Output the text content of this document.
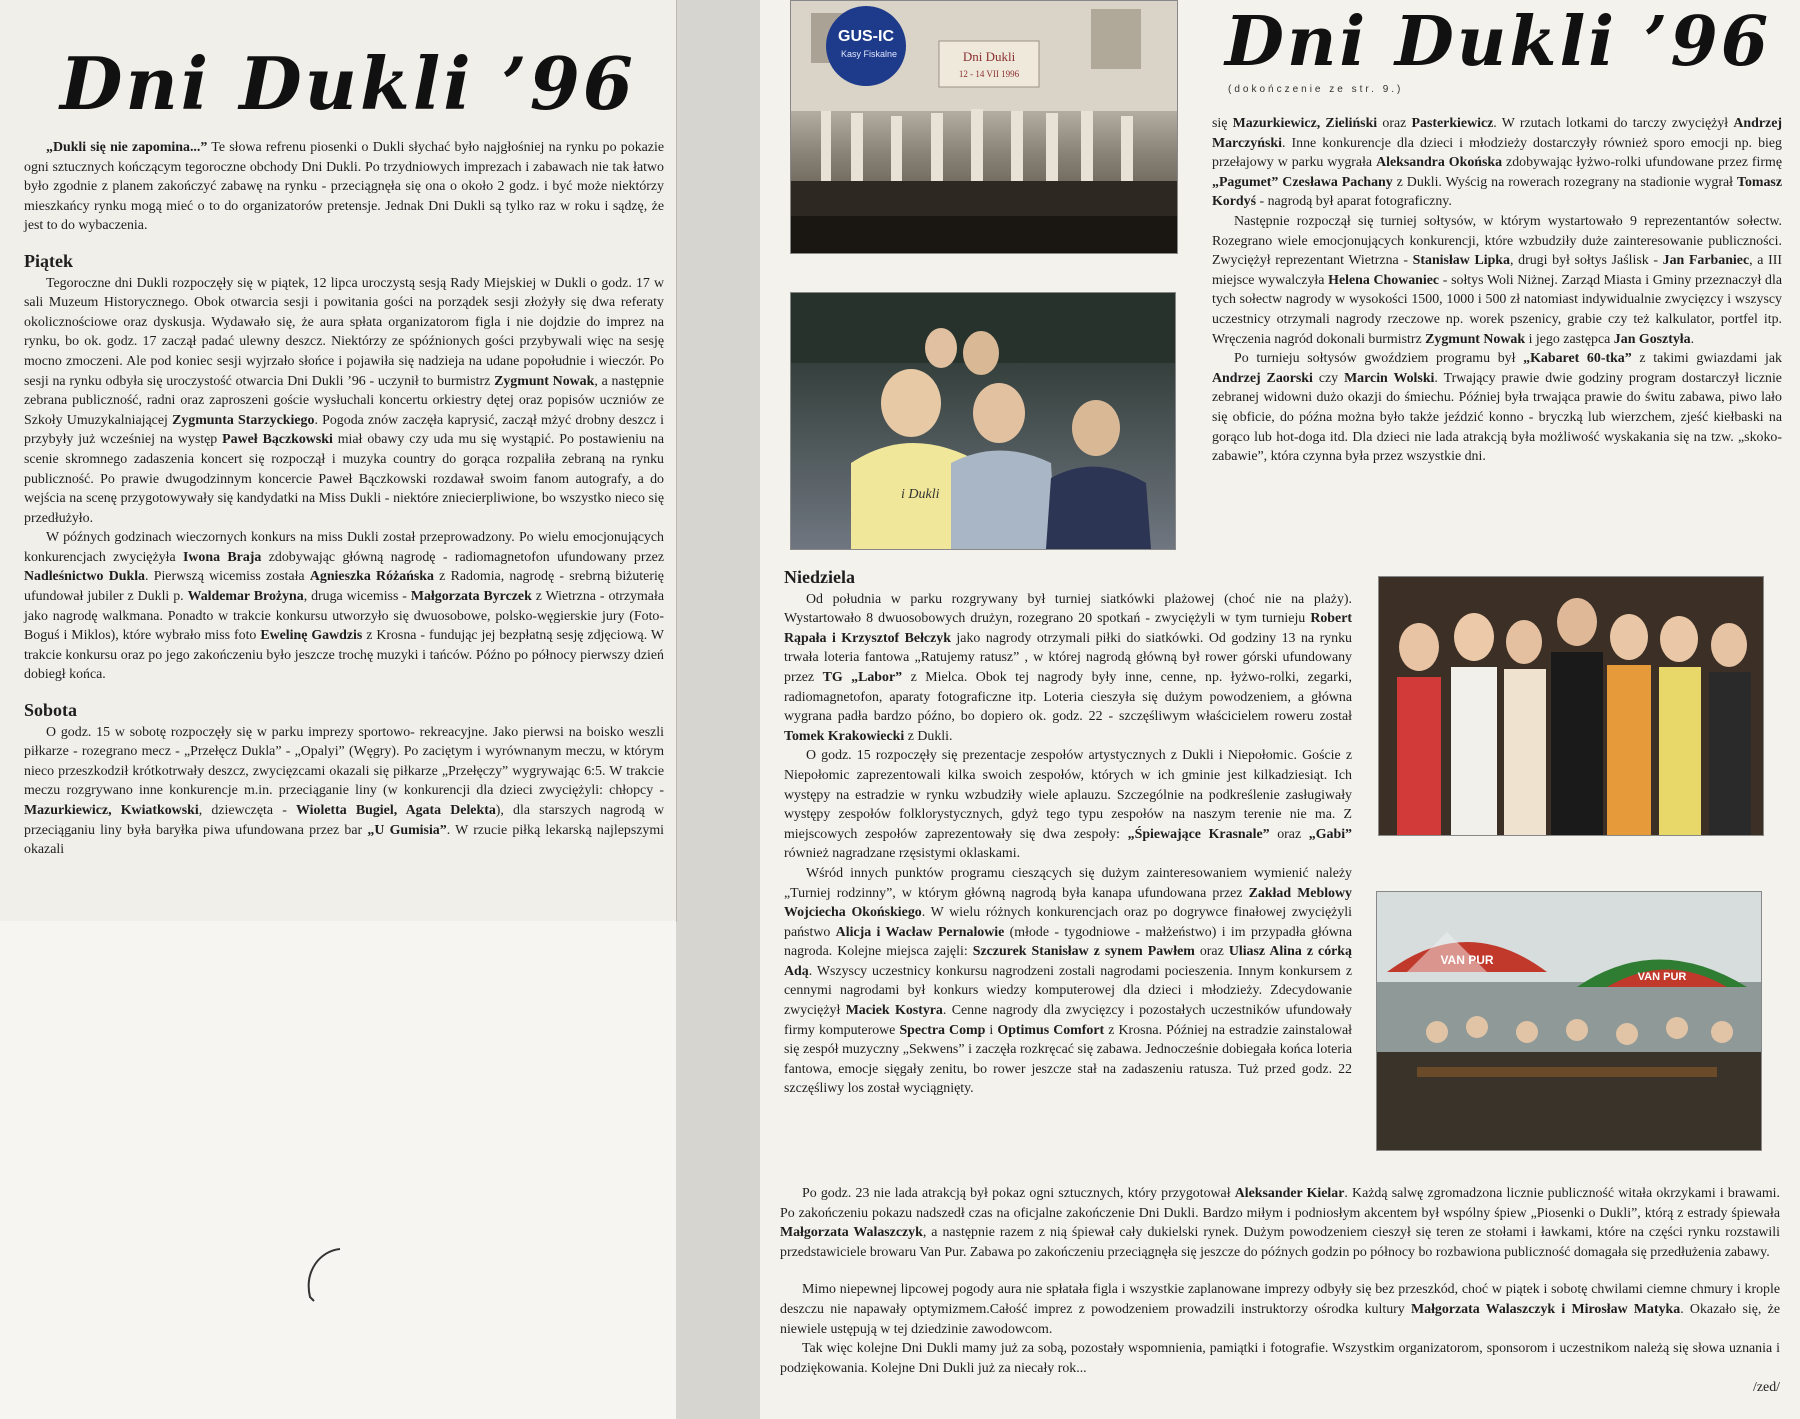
Dni Dukli ’96

„Dukli się nie zapomina...” Te słowa refrenu piosenki o Dukli słychać było najgłośniej na rynku po pokazie ogni sztucznych kończącym tegoroczne obchody Dni Dukli. Po trzydniowych imprezach i zabawach nie tak łatwo było zgodnie z planem zakończyć zabawę na rynku - przeciągnęła się ona o około 2 godz. i być może niektórzy mieszkańcy rynku mogą mieć o to do organizatorów pretensje. Jednak Dni Dukli są tylko raz w roku i sądzę, że jest to do wybaczenia.

Piątek

Tegoroczne dni Dukli rozpoczęły się w piątek, 12 lipca uroczystą sesją Rady Miejskiej w Dukli o godz. 17 w sali Muzeum Historycznego. Obok otwarcia sesji i powitania gości na porządek sesji złożyły się dwa referaty okolicznościowe oraz dyskusja. Wydawało się, że aura spłata organizatorom figla i nie dojdzie do imprez na rynku, bo ok. godz. 17 zaczął padać ulewny deszcz. Niektórzy ze spóźnionych gości przybywali więc na sesję mocno zmoczeni. Ale pod koniec sesji wyjrzało słońce i pojawiła się nadzieja na udane popołudnie i wieczór. Po sesji na rynku odbyła się uroczystość otwarcia Dni Dukli ’96 - uczynił to burmistrz Zygmunt Nowak, a następnie zebrana publiczność, radni oraz zaproszeni goście wysłuchali koncertu orkiestry dętej oraz popisów uczniów ze Szkoły Umuzykalniającej Zygmunta Starzyckiego. Pogoda znów zaczęła kaprysić, zaczął mżyć drobny deszcz i przybyły już wcześniej na występ Paweł Bączkowski miał obawy czy uda mu się wystąpić. Po postawieniu na scenie skromnego zadaszenia koncert się rozpoczął i muzyka country do gorąca rozpaliła zebraną na rynku publiczność. Po prawie dwugodzinnym koncercie Paweł Bączkowski rozdawał swoim fanom autografy, a do wejścia na scenę przygotowywały się kandydatki na Miss Dukli - niektóre zniecierpliwione, bo wszystko nieco się przedłużyło.

W późnych godzinach wieczornych konkurs na miss Dukli został przeprowadzony. Po wielu emocjonujących konkurencjach zwyciężyła Iwona Braja zdobywając główną nagrodę - radiomagnetofon ufundowany przez Nadleśnictwo Dukla. Pierwszą wicemiss została Agnieszka Różańska z Radomia, nagrodę - srebrną biżuterię ufundował jubiler z Dukli p. Waldemar Brożyna, druga wicemiss - Małgorzata Byrczek z Wietrzna - otrzymała jako nagrodę walkmana. Ponadto w trakcie konkursu utworzyło się dwuosobowe, polsko-węgierskie jury (Foto-Boguś i Miklos), które wybrało miss foto Ewelinę Gawdzis z Krosna - fundując jej bezpłatną sesję zdjęciową. W trakcie konkursu oraz po jego zakończeniu było jeszcze trochę muzyki i tańców. Późno po północy pierwszy dzień dobiegł końca.

Sobota

O godz. 15 w sobotę rozpoczęły się w parku imprezy sportowo- rekreacyjne. Jako pierwsi na boisko weszli piłkarze - rozegrano mecz - „Przełęcz Dukla” - „Opalyi” (Węgry). Po zaciętym i wyrównanym meczu, w którym nieco przeszkodził krótkotrwały deszcz, zwycięzcami okazali się piłkarze „Przełęczy” wygrywając 6:5. W trakcie meczu rozgrywano inne konkurencje m.in. przeciąganie liny (w konkurencji dla dzieci zwyciężyli: chłopcy - Mazurkiewicz, Kwiatkowski, dziewczęta - Wioletta Bugiel, Agata Delekta), dla starszych nagrodą w przeciąganiu liny była baryłka piwa ufundowana przez bar „U Gumisia”. W rzucie piłką lekarską najlepszymi okazali

Dni Dukli ’96
(dokończenie ze str. 9.)
GUS-IC
Kasy Fiskalne	Dni Dukli
12 - 14 VII 1996
i Dukli
VAN PUR
VAN PUR

się Mazurkiewicz, Zieliński oraz Pasterkiewicz. W rzutach lotkami do tarczy zwyciężył Andrzej Marczyński. Inne konkurencje dla dzieci i młodzieży dostarczyły również sporo emocji np. bieg przełajowy w parku wygrała Aleksandra Okońska zdobywając łyżwo-rolki ufundowane przez firmę „Pagumet” Czesława Pachany z Dukli. Wyścig na rowerach rozegrany na stadionie wygrał Tomasz Kordyś - nagrodą był aparat fotograficzny.

Następnie rozpoczął się turniej sołtysów, w którym wystartowało 9 reprezentantów sołectw. Rozegrano wiele emocjonujących konkurencji, które wzbudziły duże zainteresowanie publiczności. Zwyciężył reprezentant Wietrzna - Stanisław Lipka, drugi był sołtys Jaślisk - Jan Farbaniec, a III miejsce wywalczyła Helena Chowaniec - sołtys Woli Niżnej. Zarząd Miasta i Gminy przeznaczył dla tych sołectw nagrody w wysokości 1500, 1000 i 500 zł natomiast indywidualnie zwycięzcy i wszyscy uczestnicy otrzymali nagrody rzeczowe np. worek pszenicy, grabie czy też kalkulator, portfel itp. Wręczenia nagród dokonali burmistrz Zygmunt Nowak i jego zastępca Jan Gosztyła.

Po turnieju sołtysów gwoździem programu był „Kabaret 60-tka” z takimi gwiazdami jak Andrzej Zaorski czy Marcin Wolski. Trwający prawie dwie godziny program dostarczył licznie zebranej widowni dużo okazji do śmiechu. Później była trwająca prawie do świtu zabawa, piwo lało się obficie, do późna można było także jeździć konno - bryczką lub wierzchem, zjeść kiełbaski na gorąco lub hot-doga itd. Dla dzieci nie lada atrakcją była możliwość wyskakania się na tzw. „skoko-zabawie”, która czynna była przez wszystkie dni.

Niedziela

Od południa w parku rozgrywany był turniej siatkówki plażowej (choć nie na plaży). Wystartowało 8 dwuosobowych drużyn, rozegrano 20 spotkań - zwyciężyli w tym turnieju Robert Rąpała i Krzysztof Bełczyk jako nagrody otrzymali piłki do siatkówki. Od godziny 13 na rynku trwała loteria fantowa „Ratujemy ratusz” , w której nagrodą główną był rower górski ufundowany przez TG „Labor” z Mielca. Obok tej nagrody były inne, cenne, np. łyżwo-rolki, zegarki, radiomagnetofon, aparaty fotograficzne itp. Loteria cieszyła się dużym powodzeniem, a główna wygrana padła bardzo późno, bo dopiero ok. godz. 22 - szczęśliwym właścicielem roweru został Tomek Krakowiecki z Dukli.

O godz. 15 rozpoczęły się prezentacje zespołów artystycznych z Dukli i Niepołomic. Goście z Niepołomic zaprezentowali kilka swoich zespołów, których w ich gminie jest kilkadziesiąt. Ich występy na estradzie w rynku wzbudziły wiele aplauzu. Szczególnie na podkreślenie zasługiwały występy zespołów folklorystycznych, gdyż tego typu zespołów na naszym terenie nie ma. Z miejscowych zespołów zaprezentowały się dwa zespoły: „Śpiewające Krasnale” oraz „Gabi” również nagradzane rzęsistymi oklaskami.

Wśród innych punktów programu cieszących się dużym zainteresowaniem wymienić należy „Turniej rodzinny”, w którym główną nagrodą była kanapa ufundowana przez Zakład Meblowy Wojciecha Okońskiego. W wielu różnych konkurencjach oraz po dogrywce finałowej zwyciężyli państwo Alicja i Wacław Pernalowie (młode - tygodniowe - małżeństwo) i im przypadła główna nagroda. Kolejne miejsca zajęli: Szczurek Stanisław z synem Pawłem oraz Uliasz Alina z córką Adą. Wszyscy uczestnicy konkursu nagrodzeni zostali nagrodami pocieszenia. Innym konkursem z cennymi nagrodami był konkurs wiedzy komputerowej dla dzieci i młodzieży. Zdecydowanie zwyciężył Maciek Kostyra. Cenne nagrody dla zwycięzcy i pozostałych uczestników ufundowały firmy komputerowe Spectra Comp i Optimus Comfort z Krosna. Później na estradzie zainstalował się zespół muzyczny „Sekwens” i zaczęła rozkręcać się zabawa. Jednocześnie dobiegała końca loteria fantowa, emocje sięgały zenitu, bo rower jeszcze stał na zadaszeniu ratusza. Tuż przed godz. 22 szczęśliwy los został wyciągnięty.

Po godz. 23 nie lada atrakcją był pokaz ogni sztucznych, który przygotował Aleksander Kielar. Każdą salwę zgromadzona licznie publiczność witała okrzykami i brawami. Po zakończeniu pokazu nadszedł czas na oficjalne zakończenie Dni Dukli. Bardzo miłym i podniosłym akcentem był wspólny śpiew „Piosenki o Dukli”, którą z estrady śpiewała Małgorzata Walaszczyk, a następnie razem z nią śpiewał cały dukielski rynek. Dużym powodzeniem cieszył się teren ze stołami i ławkami, które na części rynku rozstawili przedstawiciele browaru Van Pur. Zabawa po zakończeniu przeciągnęła się jeszcze do późnych godzin po północy bo rozbawiona publiczność domagała się przedłużenia zabawy.

Mimo niepewnej lipcowej pogody aura nie spłatała figla i wszystkie zaplanowane imprezy odbyły się bez przeszkód, choć w piątek i sobotę chwilami ciemne chmury i krople deszczu nie napawały optymizmem.Całość imprez z powodzeniem prowadzili instruktorzy ośrodka kultury Małgorzata Walaszczyk i Mirosław Matyka. Okazało się, że niewiele ustępują w tej dziedzinie zawodowcom.

Tak więc kolejne Dni Dukli mamy już za sobą, pozostały wspomnienia, pamiątki i fotografie. Wszystkim organizatorom, sponsorom i uczestnikom należą się słowa uznania i podziękowania. Kolejne Dni Dukli już za niecały rok...

/zed/
